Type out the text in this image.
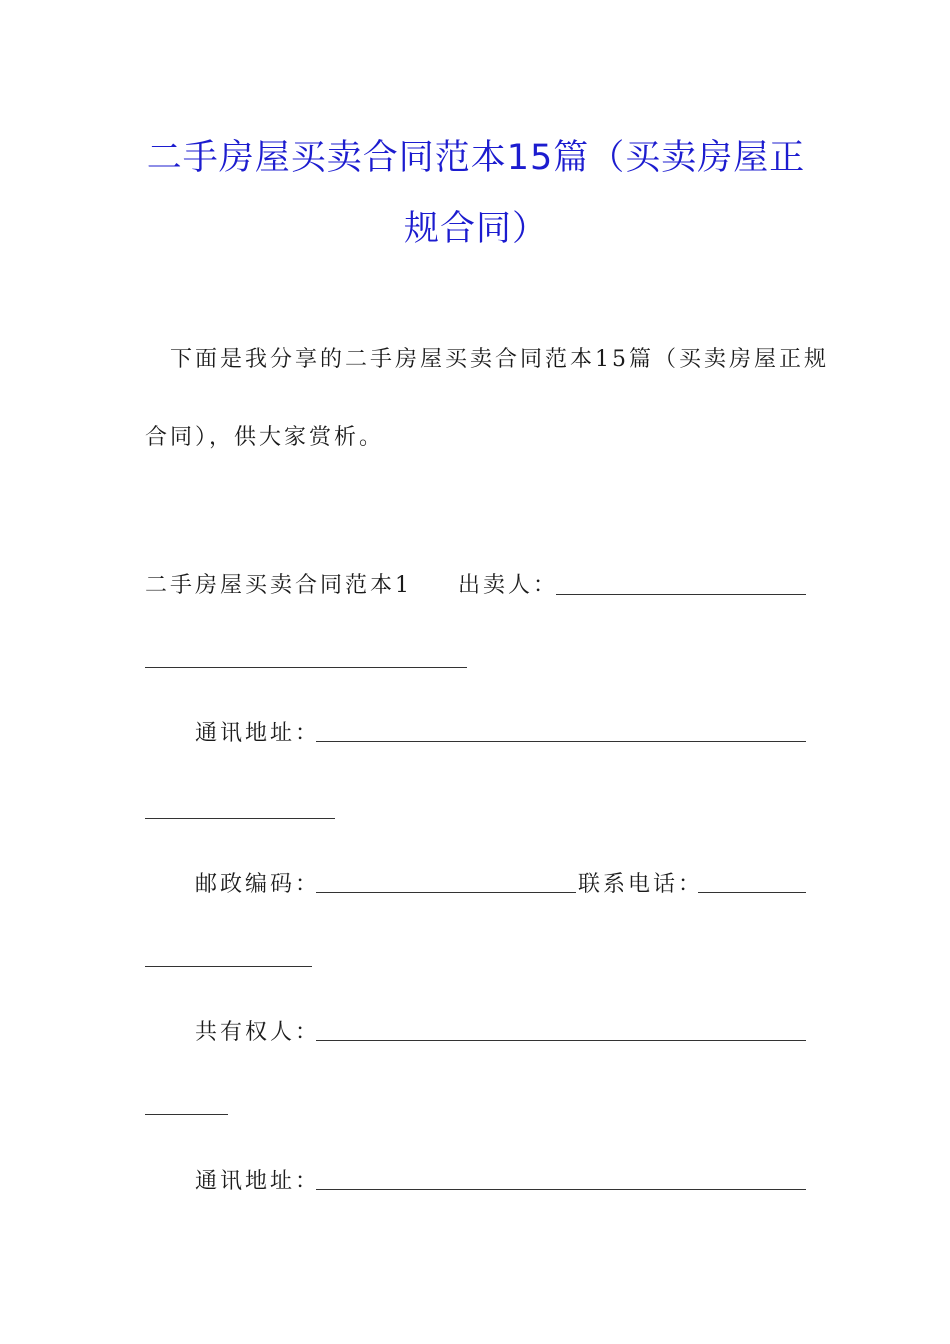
二手房屋买卖合同范本15篇（买卖房屋正
规合同）
下面是我分享的二手房屋买卖合同范本15篇（买卖房屋正规
合同），供大家赏析。
二手房屋买卖合同范本1 出卖人：
通讯地址：
邮政编码：	联系电话：
共有权人：
通讯地址：
